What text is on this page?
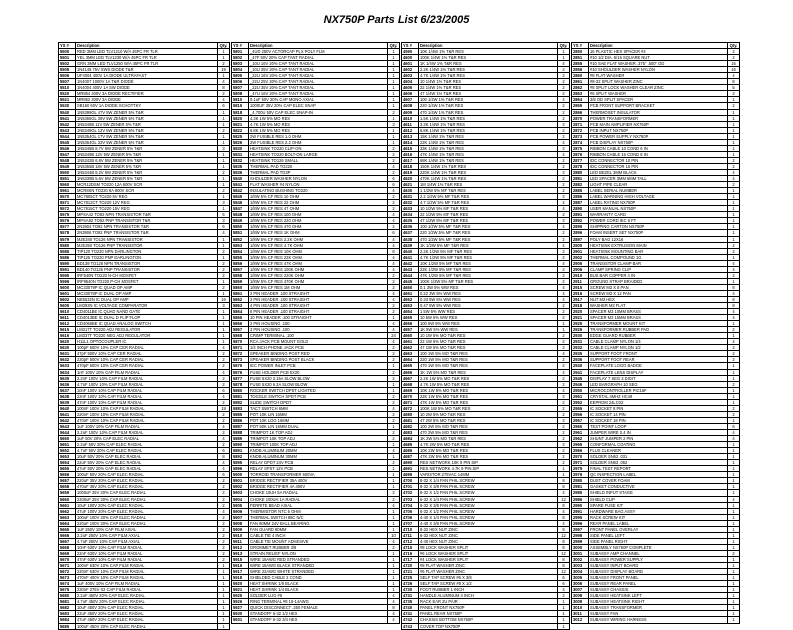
NX750P Parts List 6/23/2005
YS #	Description	Qty.
5500	RED 3MM LED TLV1210 W/A 45PC FR TLR	1
5501	YEL 3MM LED TLV1230 W/A 45PC FR TLR	1
5502	GRN 3MM LED TLV1250 W/A 45PC FR TLR	2
5505	1N4148 75V SWS DIODE T&R	19
5506	UF4004 400V 1A DIODE ULTRAFAST	1
5507	1N4007 1000V 1A T&R DIODE	4
5510	1N4004 400V 1A SW DIODE	8
5520	MR854 400V 3A DIODE RECTIFIER	2
5521	MR852 200V 3A DIODE	4
5530	SB160 60V 1A DIODE SCHOTTKY	6
5540	1N5399GL 47V 5W ZENER 5% T&R	1
5541	1N5366GL 39V 5W ZENER 5% T&R	1
5542	1N5348B 11V 5W ZENER 5% T&R	1
5543	1N5349GL 12V 5W ZENER 5% T&R	2
5544	1N5354GL 17V 5W ZENER 5% T&R	1
5545	1N5364GL 33V 5W ZENER 5% T&R	1
5546	1N5345B 8.7V 5W ZENER 5% T&R	3
5547	1N5349B 12V 5W ZENER 5% T&R	1
5548	1N5342B 6.8V 5W ZENER 5% T&R	1
5549	1N5355B 18V 5W ZENER 5% T&R	1
5550	1N5344B 8.2V 5W ZENER 5% T&R	2
5551	1N5339B 5.6V 5W ZENER 5% T&R	1
5560	MCR12DSM TO220 12A 600V SCR	1
5561	MCR8SN TO220 8A 800V SCR	2
5570	MC7805CT TO220 5V REG	1
5571	MC7812CT TO220 12V REG	3
5572	MC7815CT TO220 15V REG	1
5575	MPSA42 TO92 NPN TRANSISTOR T&R	5
5576	MPSA92 TO92 PNP TRANSISTOR T&R	3
5577	2N3904 TO92 NPN TRANSISTOR T&R	6
5578	2N3906 TO92 PNP TRANSISTOR T&R	4
5579	MJE340 TO126 NPN TRANSISTOR	1
5580	MJE350 TO126 PNP TRANSISTOR	1
5585	TIP120 TO220 NPN DARLINGTON	2
5586	TIP125 TO220 PNP DARLINGTON	1
5590	BD139 TO126 NPN TRANSISTOR	2
5591	BD140 TO126 PNP TRANSISTOR	2
5595	IRF540N TO220 N-CH MOSFET	2
5596	IRF9540N TO220 P-CH MOSFET	1
5600	MC33079P IC QUAD OP AMP	2
5601	MC33078P IC DUAL OP AMP	1
5602	NE5532N IC DUAL OP AMP	16
5605	LM393N IC VOLTAGE COMPARATOR	3
5610	CD4011BE IC QUAD NAND GATE	1
5611	CD4013BE IC DUAL D FLIP FLOP	1
5612	CD4066BE IC QUAD ANALOG SWITCH	1
5615	LM317T TO220 ADJ REGULATOR	1
5616	LM337T TO220 NEG ADJ REGULATOR	1
5620	H11L1 OPTOCOUPLER IC	1
5630	100pF 500V 10% CAP CER RADIAL	4
5631	47pF 500V 10% CAP CER RADIAL	2
5632	220pF 500V 10% CAP CER RADIAL	2
5633	470pF 500V 10% CAP CER RADIAL	2
5634	1nF 100V 10% CAP FILM RADIAL	4
5635	2.2nF 100V 10% CAP FILM RADIAL	2
5636	4.7nF 100V 10% CAP FILM RADIAL	2
5637	10nF 100V 10% CAP FILM RADIAL	6
5638	22nF 100V 10% CAP FILM RADIAL	4
5639	47nF 100V 10% CAP FILM RADIAL	2
5640	100nF 100V 10% CAP FILM RADIAL	19
5641	220nF 100V 10% CAP FILM RADIAL	2
5642	470nF 100V 10% CAP FILM RADIAL	2
5643	1uF 100V 10% CAP FILM RADIAL	4
5644	2.2uF 100V 10% CAP FILM RADIAL	2
5650	1uF 50V 20% CAP ELEC RADIAL	4
5651	2.2uF 50V 20% CAP ELEC RADIAL	2
5652	4.7uF 50V 20% CAP ELEC RADIAL	6
5653	10uF 50V 20% CAP ELEC RADIAL	8
5654	22uF 50V 20% CAP ELEC RADIAL	4
5655	47uF 50V 20% CAP ELEC RADIAL	4
5656	100uF 50V 20% CAP ELEC RADIAL	6
5657	220uF 35V 20% CAP ELEC RADIAL	2
5658	470uF 35V 20% CAP ELEC RADIAL	2
5659	1000uF 25V 20% CAP ELEC RADIAL	2
5660	2200uF 25V 20% CAP ELEC RADIAL	2
5661	10uF 100V 20% CAP ELEC RADIAL	2
5662	47uF 100V 20% CAP ELEC RADIAL	4
5663	100uF 100V 20% CAP ELEC RADIAL	2
5664	220uF 100V 20% CAP ELEC RADIAL	2
5665	1uF 250V 10% CAP FILM AXIAL	2
5666	2.2uF 250V 10% CAP FILM AXIAL	2
5667	4.7uF 250V 10% CAP FILM AXIAL	2
5668	10nF 630V 10% CAP FILM RADIAL	2
5669	22nF 630V 10% CAP FILM RADIAL	2
5670	47nF 630V 10% CAP FILM RADIAL	2
5671	100nF 630V 10% CAP FILM RADIAL	1
5672	220nF 630V 10% CAP FILM RADIAL	1
5673	470nF 400V 10% CAP FILM RADIAL	1
5674	1uF 400V 10% CAP FILM RADIAL	1
5675	220nF 275V X2 CAP FILM RADIAL	1
5680	2.2uF 450V 20% CAP ELEC RADIAL	1
5681	4.7uF 450V 20% CAP ELEC RADIAL	1
5682	10uF 450V 20% CAP ELEC RADIAL	1
5683	22uF 450V 20% CAP ELEC RADIAL	1
5684	47uF 450V 20% CAP ELEC RADIAL	1
5685	100uF 450V 20% CAP ELEC RADIAL	1
YS #	Description	Qty.
5801	_4UD 250V ACTORCAP PLX POLY FLM	1
5802	_47F 50V 20% CAP TANT RADIAL	1
5803	_10U 16V 20% CAP TANT RADIAL	1
5804	_10U 35V 20% CAP TANT RADIAL	1
5805	_22U 16V 20% CAP TANT RADIAL	1
5806	_22U 25V 20% CAP TANT RADIAL	1
5807	_22U 35V 20% CAP TANT RADIAL	1
5808	_47U 16V 20% CAP TANT RADIAL	1
5810	0.1uF 50V 20% CAP MONO AXIAL	1
5815	1000UF 35V 20% CAP ELEC SNAP	1
5818	_4,700U 50V CAP ELEC SNAP-IN	2
5820	4.3K 1W 5% MO RES	1
5821	4.7K 1W 5% MO RES	3
5822	6.8K 1W 5% MO RES	1
5825	2W FUSIBLE RES 1.0 OHM	1
5826	2W FUSIBLE RES 2.2 OHM	1
5830	HEATSINK TO220 CLIP-ON	2
5831	HEATSINK TO220 BOLT-ON LARGE	2
5832	HEATSINK TO126 SMALL	2
5835	THERMAL PAD TO220	4
5836	THERMAL PAD TO3P	2
5840	SHOULDER WASHER NYLON	6
5841	FLAT WASHER #4 NYLON	6
5842	INSULATING BUSHING TO220	4
5845	1/8W 5% CF RES 10 OHM	2
5846	1/8W 5% CF RES 22 OHM	2
5847	1/8W 5% CF RES 47 OHM	2
5848	1/8W 5% CF RES 100 OHM	4
5849	1/8W 5% CF RES 220 OHM	4
5850	1/8W 5% CF RES 470 OHM	2
5851	1/8W 5% CF RES 1K OHM	6
5852	1/8W 5% CF RES 2.2K OHM	4
5853	1/8W 5% CF RES 4.7K OHM	4
5854	1/8W 5% CF RES 10K OHM	8
5855	1/8W 5% CF RES 22K OHM	4
5856	1/8W 5% CF RES 47K OHM	4
5857	1/8W 5% CF RES 100K OHM	4
5858	1/8W 5% CF RES 220K OHM	2
5859	1/8W 5% CF RES 470K OHM	2
5860	1/8W 5% CF RES 1M OHM	2
5861	2 PIN HEADER .100 STRAIGHT	4
5862	3 PIN HEADER .100 STRAIGHT	4
5863	4 PIN HEADER .100 STRAIGHT	2
5864	6 PIN HEADER .100 STRAIGHT	2
5865	10 PIN HEADER .100 STRAIGHT	1
5866	2 PIN HOUSING .100	4
5867	3 PIN HOUSING .100	4
5868	CRIMP TERMINAL .100	24
5870	RCA JACK PCB MOUNT GOLD	4
5871	1/4 INCH PHONE JACK PCB	2
5872	SPEAKER BINDING POST RED	2
5873	SPEAKER BINDING POST BLACK	2
5875	IEC POWER INLET PCB	1
5876	FUSE HOLDER PCB 5X20	2
5877	FUSE 5X20 3.15A SLOW BLOW	2
5878	FUSE 5X20 6.3A SLOW BLOW	1
5880	ROCKER SWITCH DPST LIGHTED	1
5881	TOGGLE SWITCH SPDT PCB	2
5882	SLIDE SWITCH DPDT	2
5883	TACT SWITCH 6MM	4
5885	POT 10K LIN 16MM	2
5886	POT 10K LOG 16MM	2
5887	POT 50K LIN 16MM DUAL	1
5888	TRIMPOT 1K TOP ADJ	2
5889	TRIMPOT 10K TOP ADJ	2
5890	TRIMPOT 100K TOP ADJ	1
5891	KNOB ALUMINUM 20MM	4
5892	KNOB ALUMINUM 30MM	1
5895	RELAY DPDT 24V PCB	2
5896	RELAY SPST 12V PCB	1
5900	TORROID TRANSFORMER 500VA	1
5901	BRIDGE RECTIFIER 35A 400V	1
5902	BRIDGE RECTIFIER 4A 400V	1
5903	CHOKE 10UH 5A RADIAL	2
5904	CHOKE 100UH 1A RADIAL	2
5905	FERRITE BEAD AXIAL	4
5906	THERMISTOR NTC 5 OHM	1
5907	THERMAL SWITCH 85C N/C	1
5908	FAN 80MM 24V BALL BEARING	1
5909	FAN GUARD 80MM	1
5910	CABLE TIE 4 INCH	10
5911	CABLE TIE MOUNT ADHESIVE	4
5912	GROMMET RUBBER 3/8	2
5913	STRAIN RELIEF NYLON	1
5915	WIRE 18AWG RED STRANDED	1
5916	WIRE 18AWG BLACK STRANDED	1
5917	WIRE 22AWG WHITE STRANDED	1
5918	SHIELDED CABLE 2 COND	1
5920	HEAT SHRINK 1/8 BLACK	1
5921	HEAT SHRINK 1/4 BLACK	1
5925	SOLDER LUG #8	4
5926	RING TERMINAL #8 16-14AWG	4
5927	QUICK DISCONNECT .250 FEMALE	8
5930	STANDOFF 6-32 1/2 HEX	4
5931	STANDOFF 6-32 3/4 HEX	4
YS #	Description	Qty.
4590	10K 1/4W 1% T&R RES	1
4600	100K 1/4W 1% T&R RES	1
4601	1K 1/4W 1% T&R RES	4
4602	2.2K 1/4W 1% T&R RES	2
4603	4.7K 1/4W 1% T&R RES	2
4604	10 1/4W 1% T&R RES	2
4605	22 1/4W 1% T&R RES	2
4606	47 1/4W 1% T&R RES	2
4607	100 1/4W 1% T&R RES	4
4608	220 1/4W 1% T&R RES	2
4609	470 1/4W 1% T&R RES	2
4610	1.5K 1/4W 1% T&R RES	2
4611	3.3K 1/4W 1% T&R RES	2
4612	6.8K 1/4W 1% T&R RES	2
4613	15K 1/4W 1% T&R RES	2
4614	22K 1/4W 1% T&R RES	4
4615	33K 1/4W 1% T&R RES	2
4616	47K 1/4W 1% T&R RES	4
4617	68K 1/4W 1% T&R RES	2
4618	150K 1/4W 1% T&R RES	2
4619	220K 1/4W 1% T&R RES	2
4620	470K 1/4W 1% T&R RES	2
4621	1M 1/4W 1% T&R RES	2
4630	1 1/2W 5% MF T&R RES	2
4631	2.2 1/2W 5% MF T&R RES	2
4632	4.7 1/2W 5% MF T&R RES	2
4633	10 1/2W 5% MF T&R RES	4
4634	22 1/2W 5% MF T&R RES	2
4635	47 1/2W 5% MF T&R RES	2
4636	100 1/2W 5% MF T&R RES	4
4637	220 1/2W 5% MF T&R RES	2
4638	470 1/2W 5% MF T&R RES	2
4639	1K 1/2W 5% MF T&R RES	4
4640	2.2K 1/2W 5% MF T&R RES	2
4641	4.7K 1/2W 5% MF T&R RES	2
4642	10K 1/2W 5% MF T&R RES	4
4643	22K 1/2W 5% MF T&R RES	2
4644	47K 1/2W 5% MF T&R RES	2
4645	100K 1/2W 5% MF T&R RES	2
4650	0.1 3W 5% WW RES	4
4651	0.22 3W 5% WW RES	4
4652	0.33 5W 5% WW RES	4
4653	0.47 5W 5% WW RES	2
4654	1 5W 5% WW RES	2
4655	10 5W 5% WW RES	2
4656	100 5W 5% WW RES	1
4657	1K 5W 5% WW RES	1
4660	10 1W 5% MO T&R RES	2
4661	22 1W 5% MO T&R RES	2
4662	47 1W 5% MO T&R RES	2
4663	100 1W 5% MO T&R RES	4
4664	220 1W 5% MO T&R RES	2
4665	470 1W 5% MO T&R RES	2
4666	1K 1W 5% MO T&R RES	4
4667	2.2K 1W 5% MO T&R RES	2
4668	4.7K 1W 5% MO T&R RES	2
4669	10K 1W 5% MO T&R RES	4
4670	22K 1W 5% MO T&R RES	2
4671	47K 1W 5% MO T&R RES	2
4672	100K 1W 5% MO T&R RES	2
4680	10 2W 5% MO T&R RES	2
4681	47 2W 5% MO T&R RES	2
4682	100 2W 5% MO T&R RES	2
4683	470 2W 5% MO T&R RES	2
4684	1K 2W 5% MO T&R RES	2
4685	4.7K 2W 5% MO T&R RES	2
4686	10K 2W 5% MO T&R RES	2
4687	47K 2W 5% MO T&R RES	2
4690	RES NETWORK 10K 9 PIN SIP	2
4691	RES NETWORK 4.7K 9 PIN SIP	1
4695	VARISTOR 275VAC 14MM	1
4700	8-32 X 1/4 PAN PHIL SCREW	8
4701	8-32 X 3/8 PAN PHIL SCREW	8
4702	8-32 X 1/2 PAN PHIL SCREW	4
4703	6-32 X 1/4 PAN PHIL SCREW	12
4704	6-32 X 3/8 PAN PHIL SCREW	8
4705	6-32 X 1/2 PAN PHIL SCREW	4
4706	4-40 X 1/4 PAN PHIL SCREW	8
4707	4-40 X 3/8 PAN PHIL SCREW	4
4710	8-32 HEX NUT ZINC	8
4711	6-32 HEX NUT ZINC	12
4712	4-40 HEX NUT ZINC	8
4715	#8 LOCK WASHER SPLIT	8
4716	#6 LOCK WASHER SPLIT	12
4717	#4 LOCK WASHER SPLIT	8
4720	#8 FLAT WASHER ZINC	8
4721	#6 FLAT WASHER ZINC	12
4725	SELF TAP SCREW #6 X 3/8	6
4726	SELF TAP SCREW #8 X 1/2	6
4730	FOOT RUBBER 1 INCH	4
4731	HANDLE ALUMINUM 4 INCH	2
4735	RACK EAR 2U PAIR	1
4740	PANEL FRONT NX750P	1
4741	PANEL REAR NX750P	1
4742	CHASSIS BOTTOM NX750P	1
4743	COVER TOP NX750P	1
YS #	Description	Qty.
2850	16 PLASTIC HEX SPACER #4	2
2851	#10 1/2 DIA. 5/16 SQUARE NUT	2
2855	#10 SAE FLAT WASHER .375" .500" OD	16
2856	#10 SHOULDER WASHER NYLON	16
2860	#8 FLAT WASHER	4
2861	#8-32 SPLIT WASHER ZINC	8
2862	#8 SPLIT LOCK WASHER CLEAR ZINC	5
2863	#6 SPLIT WASHER	2
2864	3/8 OD SPLIT SPACER	1
2865	PCB FRONT SUPPORT BRACKET	2
2866	THERMOSET INSULATOR	1
2870	POWER TRANSFORMER	1
2871	PCB MAIN AMPLIFIER NX750P	1
2872	PCB INPUT NX750P	1
2873	PCB POWER SUPPLY NX750P	1
2874	PCB DISPLAY NX750P	1
2875	RIBBON CABLE 10 COND 6 IN	1
2876	RIBBON CABLE 16 COND 8 IN	1
2877	IDC CONNECTOR 10 PIN	2
2878	IDC CONNECTOR 16 PIN	2
2880	LED BEZEL 3MM BLACK	4
2881	LED SPACER 3MM 5MM TALL	4
2882	LIGHT PIPE CLEAR	2
2885	LABEL SERIAL NUMBER	1
2886	LABEL WARNING HIGH VOLTAGE	1
2887	LABEL RATING NX750P	1
2890	USER MANUAL NX750P	1
2891	WARRANTY CARD	1
2892	POWER CORD IEC 6 FT	1
2895	SHIPPING CARTON NX750P	1
2896	FOAM INSERT SET NX750P	1
2897	POLY BAG 12X16	1
2900	HEATSINK EXTRUSION MAIN	2
2901	HEATSINK MOUNTING BAR	2
2902	THERMAL COMPOUND 1G	1
2905	TRANSISTOR CLAMP BAR	4
2906	CLAMP SPRING CLIP	4
2910	BUS BAR COPPER 4 IN	2
2911	GROUND STRAP BRAIDED	1
2915	SCREW M3 X 8 PAN	8
2916	SCREW M3 X 12 PAN	4
2917	NUT M3 HEX	8
2918	WASHER M3 FLAT	8
2920	SPACER M3 10MM BRASS	4
2921	SPACER M3 15MM BRASS	4
2925	TRANSFORMER MOUNT KIT	1
2926	TRANSFORMER RUBBER PAD	2
2930	EDGE GUARD RUBBER	1
2931	CABLE CLAMP NYLON 1/4	4
2932	CABLE CLAMP NYLON 1/2	2
2935	SUPPORT FOOT FRONT	2
2936	SUPPORT FOOT REAR	2
2940	FACEPLATE LOGO BADGE	1
2941	FACEPLATE LENS DISPLAY	1
2945	DISPLAY 7 SEG 3 DIGIT	1
2946	LED BARGRAPH 10 SEG	2
2950	MICROCONTROLLER PIC16F	1
2951	CRYSTAL 4MHZ HC49	1
2952	EEPROM 24LC02	1
2955	IC SOCKET 8 PIN	2
2956	IC SOCKET 14 PIN	2
2957	IC SOCKET 18 PIN	1
2960	TEST POINT LOOP	6
2961	JUMPER WIRE 0.4 IN	4
2962	SHUNT JUMPER 2 PIN	4
2965	CONFORMAL COATING	1
2966	FLUX CLEANER	1
2970	SOLDER SN63 .031	1
2971	SOLDER SN63 .062	1
2975	FINAL TEST REPORT	1
2976	QC INSPECTION LABEL	1
2980	DUST COVER FOAM	1
2981	GASKET CONDUCTIVE	1
2985	SHIELD INPUT STAGE	1
2986	SHIELD CLIP	4
2990	SPARE FUSE KIT	1
2991	HARDWARE BAG ASSY	1
2995	RACK SCREW KIT	1
2996	REAR PANEL LABEL	1
2997	FRONT PANEL OVERLAY	1
2998	SIDE PANEL LEFT	1
2999	SIDE PANEL RIGHT	1
3000	ASSEMBLY NX750P COMPLETE	1
3001	SUBASSY AMP CHANNEL	2
3002	SUBASSY POWER SUPPLY	1
3003	SUBASSY INPUT BOARD	1
3004	SUBASSY DISPLAY BOARD	1
3005	SUBASSY FRONT PANEL	1
3006	SUBASSY REAR PANEL	1
3007	SUBASSY CHASSIS	1
3008	SUBASSY HEATSINK LEFT	1
3009	SUBASSY HEATSINK RIGHT	1
3010	SUBASSY TRANSFORMER	1
3011	SUBASSY FAN	1
3012	SUBASSY WIRING HARNESS	1
